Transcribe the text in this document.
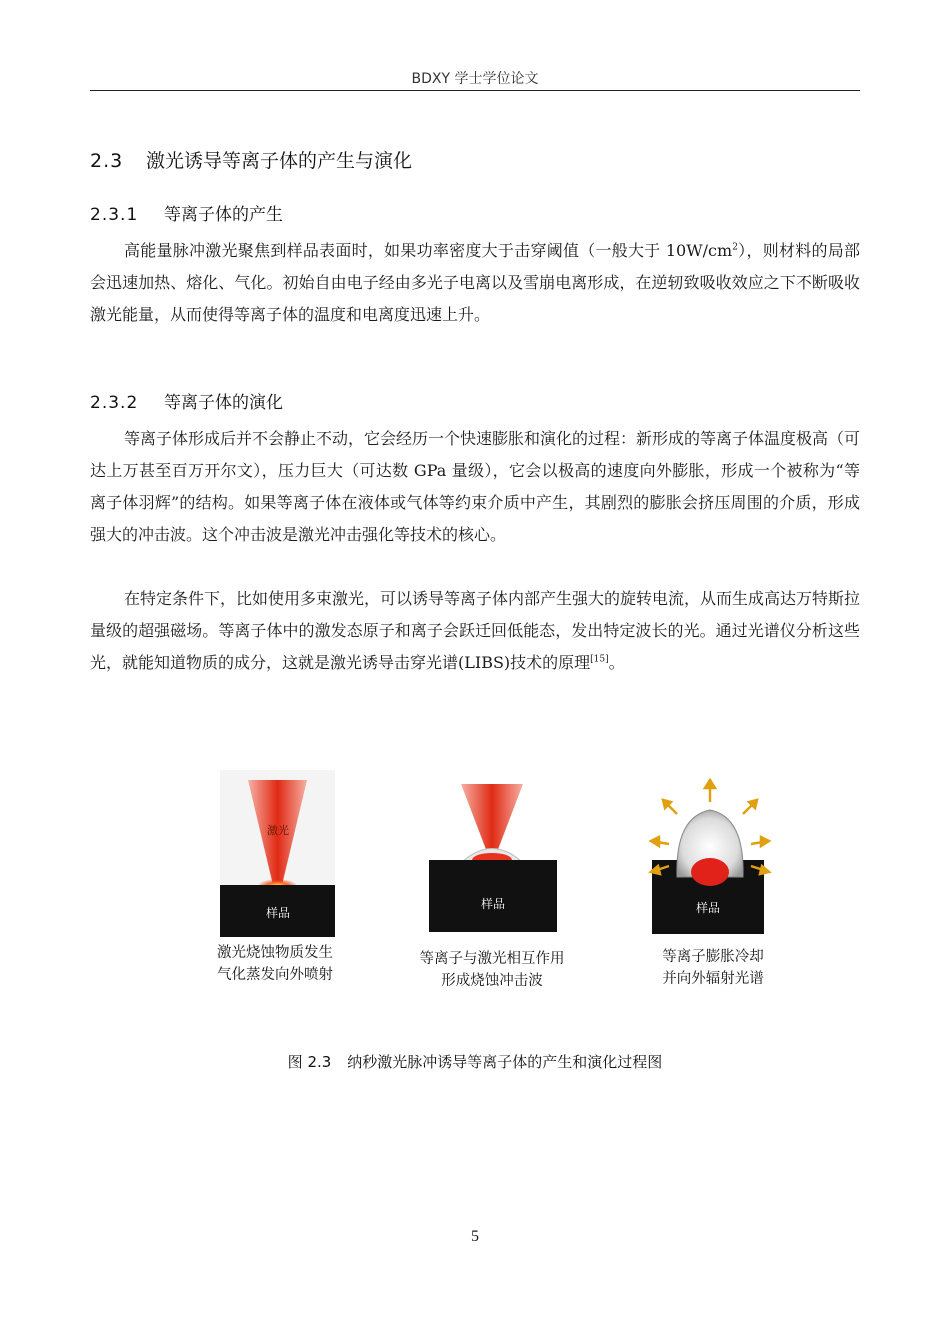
BDXY 学士学位论文
2.3 激光诱导等离子体的产生与演化
2.3.1 等离子体的产生

高能量脉冲激光聚焦到样品表面时，如果功率密度大于击穿阈值（一般大于 $10W/cm^2$），则材料的局部会迅速加热、熔化、气化。初始自由电子经由多光子电离以及雪崩电离形成，在逆轫致吸收效应之下不断吸收激光能量，从而使得等离子体的温度和电离度迅速上升。

2.3.2 等离子体的演化

等离子体形成后并不会静止不动，它会经历一个快速膨胀和演化的过程：新形成的等离子体温度极高（可达上万甚至百万开尔文），压力巨大（可达数 GPa 量级），它会以极高的速度向外膨胀，形成一个被称为“等离子体羽辉”的结构。如果等离子体在液体或气体等约束介质中产生，其剧烈的膨胀会挤压周围的介质，形成强大的冲击波。这个冲击波是激光冲击强化等技术的核心。

在特定条件下，比如使用多束激光，可以诱导等离子体内部产生强大的旋转电流，从而生成高达万特斯拉量级的超强磁场。等离子体中的激发态原子和离子会跃迁回低能态，发出特定波长的光。通过光谱仪分析这些光，就能知道物质的成分，这就是激光诱导击穿光谱(LIBS)技术的原理[15]。

激光
样品
样品	样品
激光烧蚀物质发生
气化蒸发向外喷射
等离子与激光相互作用
形成烧蚀冲击波
等离子膨胀冷却
并向外辐射光谱
图 2.3 纳秒激光脉冲诱导等离子体的产生和演化过程图
5
